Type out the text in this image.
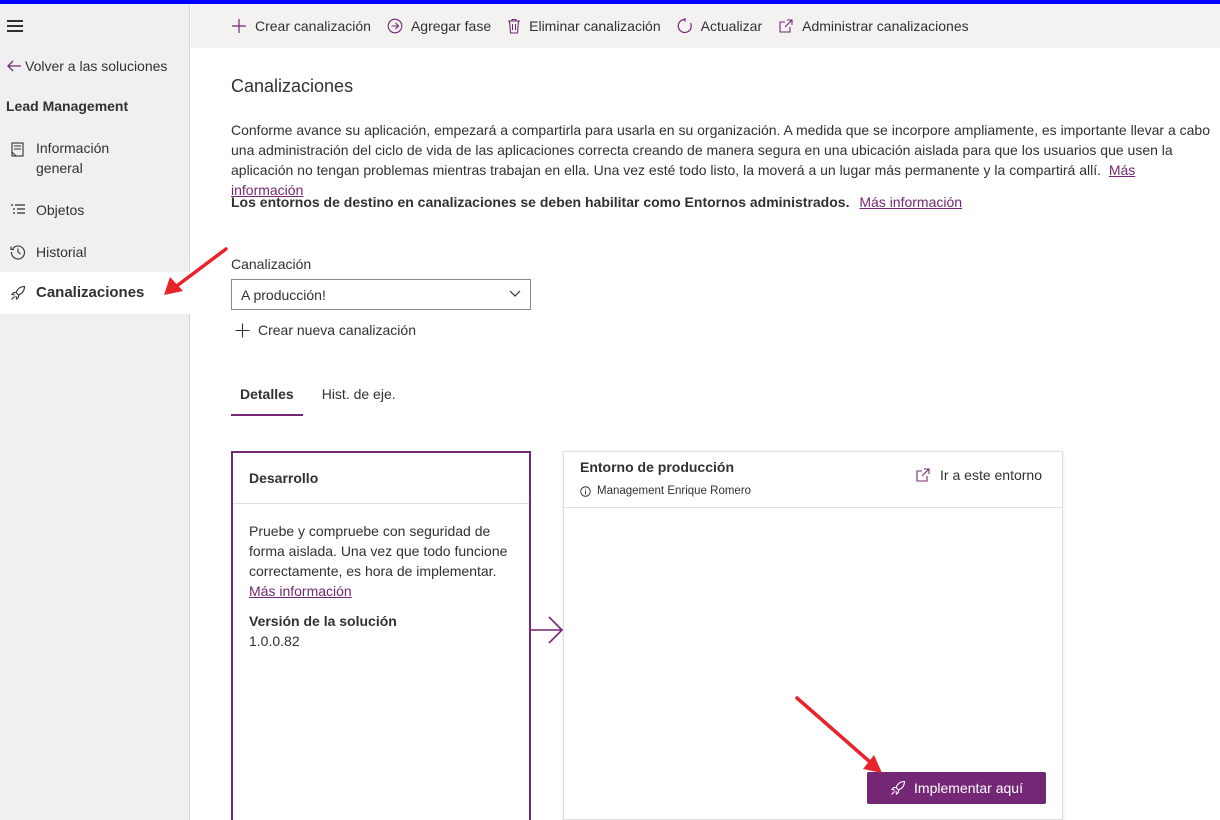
Volver a las soluciones
Lead Management
Información general
Objetos
Historial
Canalizaciones
Crear canalización	Agregar fase	Eliminar canalización	Actualizar	Administrar canalizaciones
Canalizaciones
Conforme avance su aplicación, empezará a compartirla para usarla en su organización. A medida que se incorpore ampliamente, es importante llevar a cabo una administración del ciclo de vida de las aplicaciones correcta creando de manera segura en una ubicación aislada para que los usuarios que usen la aplicación no tengan problemas mientras trabajan en ella. Una vez esté todo listo, la moverá a un lugar más permanente y la compartirá allí. Más información
Los entornos de destino en canalizaciones se deben habilitar como Entornos administrados. Más información
Canalización
A producción!
Crear nueva canalización
Detalles	Hist. de eje.
Desarrollo
Pruebe y compruebe con seguridad de forma aislada. Una vez que todo funcione correctamente, es hora de implementar.
Más información
Versión de la solución
1.0.0.82
Entorno de producción
Management Enrique Romero
Ir a este entorno
Implementar aquí
